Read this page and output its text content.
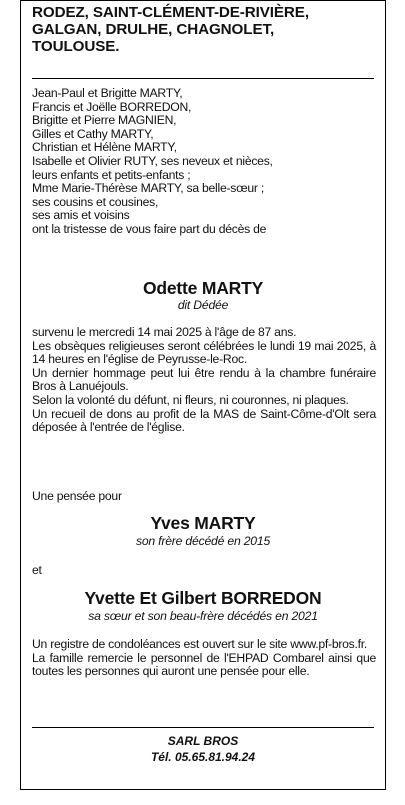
RODEZ, SAINT-CLÉMENT-DE-RIVIÈRE,
GALGAN, DRULHE, CHAGNOLET,
TOULOUSE.
Jean-Paul et Brigitte MARTY,
Francis et Joëlle BORREDON,
Brigitte et Pierre MAGNIEN,
Gilles et Cathy MARTY,
Christian et Hélène MARTY,
Isabelle et Olivier RUTY, ses neveux et nièces,
leurs enfants et petits-enfants ;
Mme Marie-Thérèse MARTY, sa belle-sœur ;
ses cousins et cousines,
ses amis et voisins
ont la tristesse de vous faire part du décès de
Odette MARTY
dit Dédée
survenu le mercredi 14 mai 2025 à l'âge de 87 ans.
Les obsèques religieuses seront célébrées le lundi 19 mai 2025, à 14 heures en l'église de Peyrusse-le-Roc.
Un dernier hommage peut lui être rendu à la chambre funéraire Bros à Lanuéjouls.
Selon la volonté du défunt, ni fleurs, ni couronnes, ni plaques.
Un recueil de dons au profit de la MAS de Saint-Côme-d'Olt sera déposée à l'entrée de l'église.
Une pensée pour
Yves MARTY
son frère décédé en 2015
et
Yvette Et Gilbert BORREDON
sa sœur et son beau-frère décédés en 2021
Un registre de condoléances est ouvert sur le site www.pf-bros.fr.
La famille remercie le personnel de l'EHPAD Combarel ainsi que toutes les personnes qui auront une pensée pour elle.
SARL BROS
Tél. 05.65.81.94.24
